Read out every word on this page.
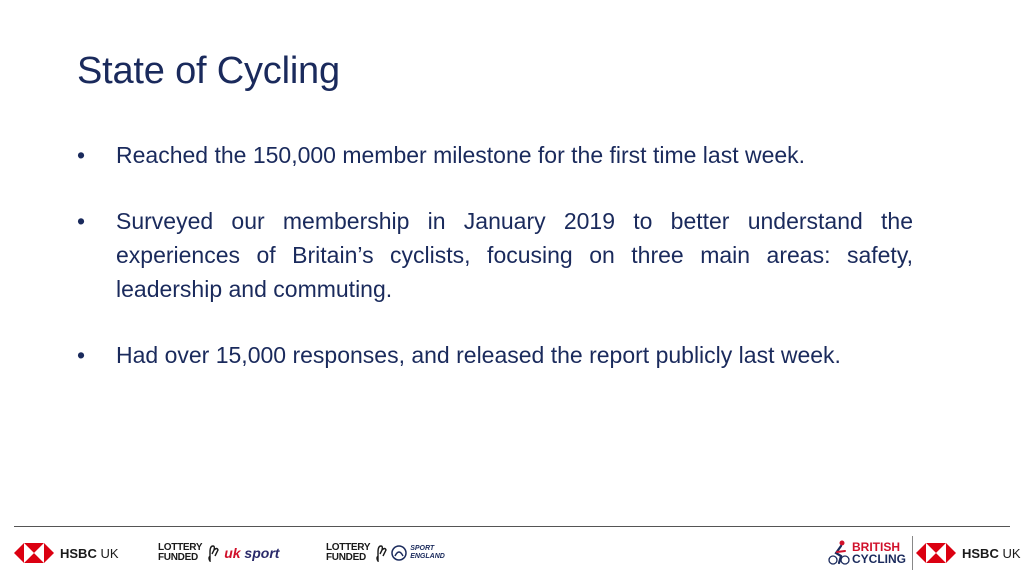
State of Cycling
• Reached the 150,000 member milestone for the first time last week.
• Surveyed our membership in January 2019 to better understand the experiences of Britain’s cyclists, focusing on three main areas: safety, leadership and commuting.
• Had over 15,000 responses, and released the report publicly last week.
HSBC UK	LOTTERY
FUNDED	uk sport	LOTTERY
FUNDED
SPORT
ENGLAND
BRITISH
CYCLING	HSBC UK
